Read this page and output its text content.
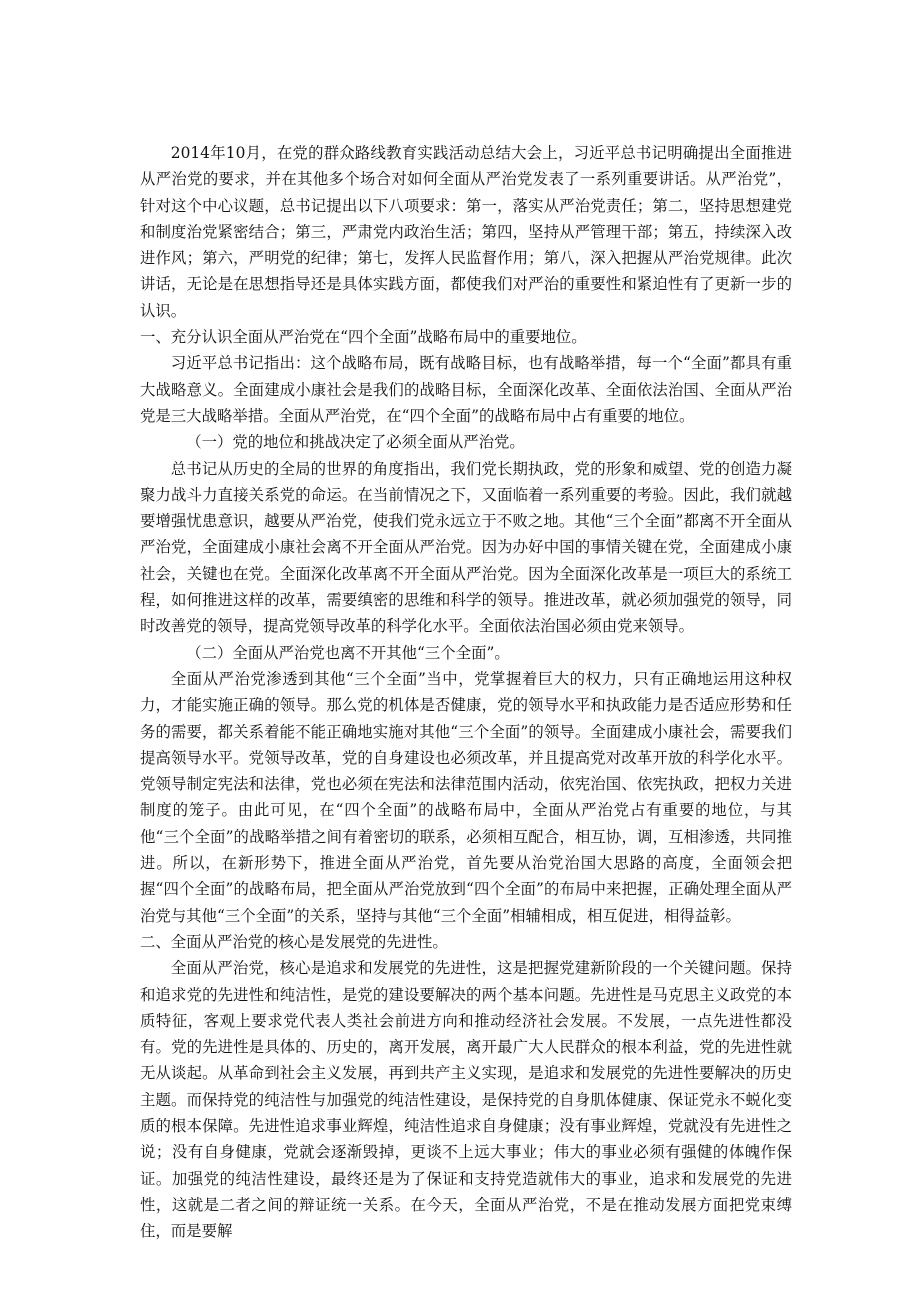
2014年10月，在党的群众路线教育实践活动总结大会上，习近平总书记明确提出全面推进从严治党的要求，并在其他多个场合对如何全面从严治党发表了一系列重要讲话。从严治党”，针对这个中心议题，总书记提出以下八项要求：第一，落实从严治党责任；第二，坚持思想建党和制度治党紧密结合；第三，严肃党内政治生活；第四，坚持从严管理干部；第五，持续深入改进作风；第六，严明党的纪律；第七，发挥人民监督作用；第八，深入把握从严治党规律。此次讲话，无论是在思想指导还是具体实践方面，都使我们对严治的重要性和紧迫性有了更新一步的认识。

一、充分认识全面从严治党在“四个全面”战略布局中的重要地位。

习近平总书记指出：这个战略布局，既有战略目标，也有战略举措，每一个“全面”都具有重大战略意义。全面建成小康社会是我们的战略目标，全面深化改革、全面依法治国、全面从严治党是三大战略举措。全面从严治党，在“四个全面”的战略布局中占有重要的地位。

（一）党的地位和挑战决定了必须全面从严治党。

总书记从历史的全局的世界的角度指出，我们党长期执政，党的形象和威望、党的创造力凝聚力战斗力直接关系党的命运。在当前情况之下，又面临着一系列重要的考验。因此，我们就越要增强忧患意识，越要从严治党，使我们党永远立于不败之地。其他“三个全面”都离不开全面从严治党，全面建成小康社会离不开全面从严治党。因为办好中国的事情关键在党，全面建成小康社会，关键也在党。全面深化改革离不开全面从严治党。因为全面深化改革是一项巨大的系统工程，如何推进这样的改革，需要缜密的思维和科学的领导。推进改革，就必须加强党的领导，同时改善党的领导，提高党领导改革的科学化水平。全面依法治国必须由党来领导。

（二）全面从严治党也离不开其他“三个全面”。

全面从严治党渗透到其他“三个全面”当中，党掌握着巨大的权力，只有正确地运用这种权力，才能实施正确的领导。那么党的机体是否健康，党的领导水平和执政能力是否适应形势和任务的需要，都关系着能不能正确地实施对其他“三个全面”的领导。全面建成小康社会，需要我们提高领导水平。党领导改革，党的自身建设也必须改革，并且提高党对改革开放的科学化水平。党领导制定宪法和法律，党也必须在宪法和法律范围内活动，依宪治国、依宪执政，把权力关进制度的笼子。由此可见，在“四个全面”的战略布局中，全面从严治党占有重要的地位，与其他“三个全面”的战略举措之间有着密切的联系，必须相互配合，相互协，调，互相渗透，共同推进。所以，在新形势下，推进全面从严治党，首先要从治党治国大思路的高度，全面领会把握“四个全面”的战略布局，把全面从严治党放到“四个全面”的布局中来把握，正确处理全面从严治党与其他“三个全面”的关系，坚持与其他“三个全面”相辅相成，相互促进，相得益彰。

二、全面从严治党的核心是发展党的先进性。

全面从严治党，核心是追求和发展党的先进性，这是把握党建新阶段的一个关键问题。保持和追求党的先进性和纯洁性，是党的建设要解决的两个基本问题。先进性是马克思主义政党的本质特征，客观上要求党代表人类社会前进方向和推动经济社会发展。不发展，一点先进性都没有。党的先进性是具体的、历史的，离开发展，离开最广大人民群众的根本利益，党的先进性就无从谈起。从革命到社会主义发展，再到共产主义实现，是追求和发展党的先进性要解决的历史主题。而保持党的纯洁性与加强党的纯洁性建设，是保持党的自身肌体健康、保证党永不蜕化变质的根本保障。先进性追求事业辉煌，纯洁性追求自身健康；没有事业辉煌，党就没有先进性之说；没有自身健康，党就会逐渐毁掉，更谈不上远大事业；伟大的事业必须有强健的体魄作保证。加强党的纯洁性建设，最终还是为了保证和支持党造就伟大的事业，追求和发展党的先进性，这就是二者之间的辩证统一关系。在今天，全面从严治党，不是在推动发展方面把党束缚住，而是要解
